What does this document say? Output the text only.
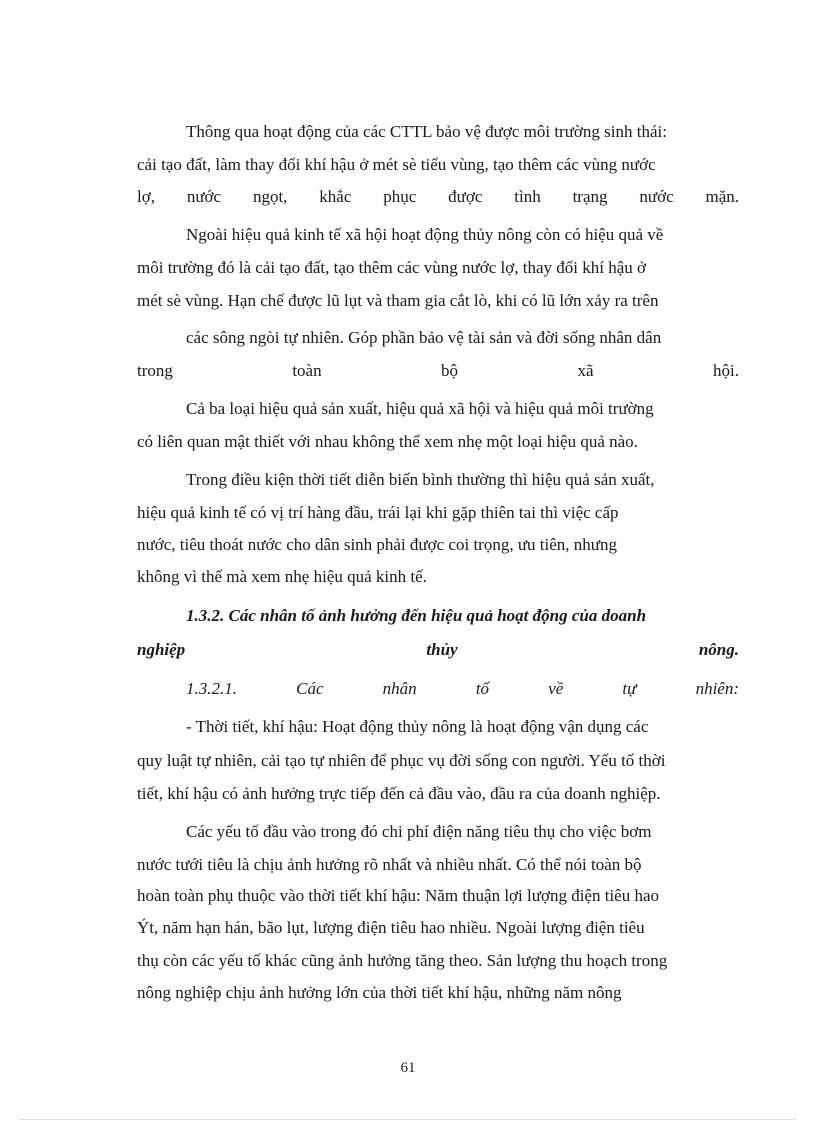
Thông qua hoạt động của các CTTL bảo vệ được môi trường sinh thái:
cải tạo đất, làm thay đổi khí hậu ở mét sè tiểu vùng, tạo thêm các vùng nước
lợ, nước ngọt, khắc phục được tình trạng nước mặn.
Ngoài hiệu quả kinh tế xã hội hoạt động thủy nông còn có hiệu quả về
môi trường đó là cải tạo đất, tạo thêm các vùng nước lợ, thay đổi khí hậu ở
mét sè vùng. Hạn chế được lũ lụt và tham gia cắt lò, khi có lũ lớn xảy ra trên
các sông ngòi tự nhiên. Góp phần bảo vệ tài sản và đời sống nhân dân
trong	toàn	bộ	xã	hội.
Cả ba loại hiệu quả sản xuất, hiệu quả xã hội và hiệu quả môi trường
có liên quan mật thiết với nhau không thể xem nhẹ một loại hiệu quả nào.
Trong điều kiện thời tiết diễn biến bình thường thì hiệu quả sản xuất,
hiệu quả kinh tế có vị trí hàng đầu, trái lại khi gặp thiên tai thì việc cấp
nước, tiêu thoát nước cho dân sinh phải được coi trọng, ưu tiên, nhưng
không vì thế mà xem nhẹ hiệu quả kinh tế.
1.3.2. Các nhân tố ảnh hưởng đến hiệu quả hoạt động của doanh
nghiệp	thủy	nông.
1.3.2.1.	Các	nhân	tố	về	tự	nhiên:
- Thời tiết, khí hậu: Hoạt động thủy nông là hoạt động vận dụng các
quy luật tự nhiên, cải tạo tự nhiên để phục vụ đời sống con người. Yếu tố thời
tiết, khí hậu có ảnh hưởng trực tiếp đến cả đầu vào, đầu ra của doanh nghiệp.
Các yếu tố đầu vào trong đó chi phí điện năng tiêu thụ cho việc bơm
nước tưới tiêu là chịu ảnh hưởng rõ nhất và nhiều nhất. Có thể nói toàn bộ
hoàn toàn phụ thuộc vào thời tiết khí hậu: Năm thuận lợi lượng điện tiêu hao
Ýt, năm hạn hán, bão lụt, lượng điện tiêu hao nhiều. Ngoài lượng điện tiêu
thụ còn các yếu tố khác cũng ảnh hưởng tăng theo. Sản lượng thu hoạch trong
nông nghiệp chịu ảnh hưởng lớn của thời tiết khí hậu, những năm nông
61
